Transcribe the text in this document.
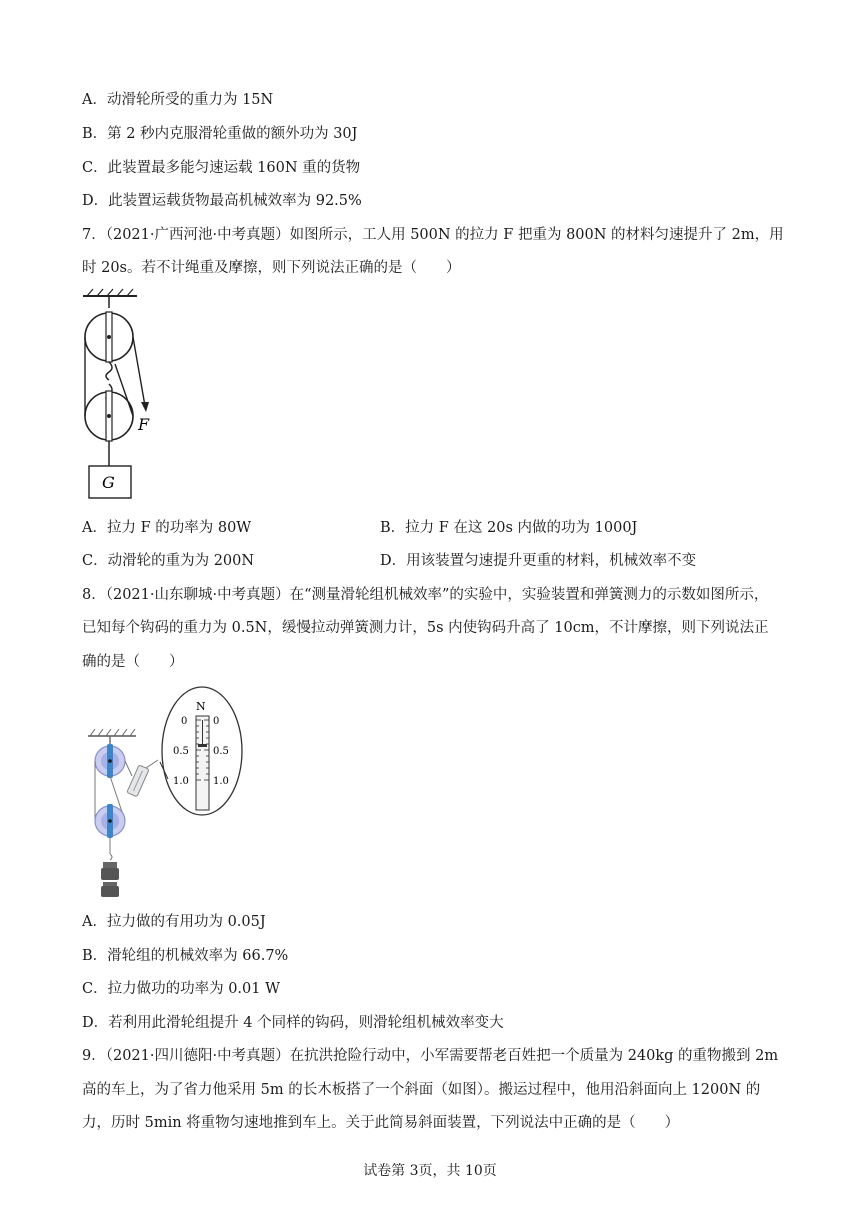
A．动滑轮所受的重力为 15N
B．第 2 秒内克服滑轮重做的额外功为 30J
C．此装置最多能匀速运载 160N 重的货物
D．此装置运载货物最高机械效率为 92.5%
7．（2021·广西河池·中考真题）如图所示，工人用 500N 的拉力 F 把重为 800N 的材料匀速提升了 2m，用
时 20s。若不计绳重及摩擦，则下列说法正确的是（　　）
F
G
A．拉力 F 的功率为 80W	B．拉力 F 在这 20s 内做的功为 1000J
C．动滑轮的重为为 200N	D．用该装置匀速提升更重的材料，机械效率不变
8．（2021·山东聊城·中考真题）在“测量滑轮组机械效率”的实验中，实验装置和弹簧测力的示数如图所示，
已知每个钩码的重力为 0.5N，缓慢拉动弹簧测力计，5s 内使钩码升高了 10cm，不计摩擦，则下列说法正
确的是（　　）
N
0
0.5
1.0
0
0.5
1.0
A．拉力做的有用功为 0.05J
B．滑轮组的机械效率为 66.7%
C．拉力做功的功率为 0.01 W
D．若利用此滑轮组提升 4 个同样的钩码，则滑轮组机械效率变大
9．（2021·四川德阳·中考真题）在抗洪抢险行动中，小军需要帮老百姓把一个质量为 240kg 的重物搬到 2m
高的车上，为了省力他采用 5m 的长木板搭了一个斜面（如图）。搬运过程中，他用沿斜面向上 1200N 的
力，历时 5min 将重物匀速地推到车上。关于此简易斜面装置，下列说法中正确的是（　　）
试卷第 3页，共 10页
